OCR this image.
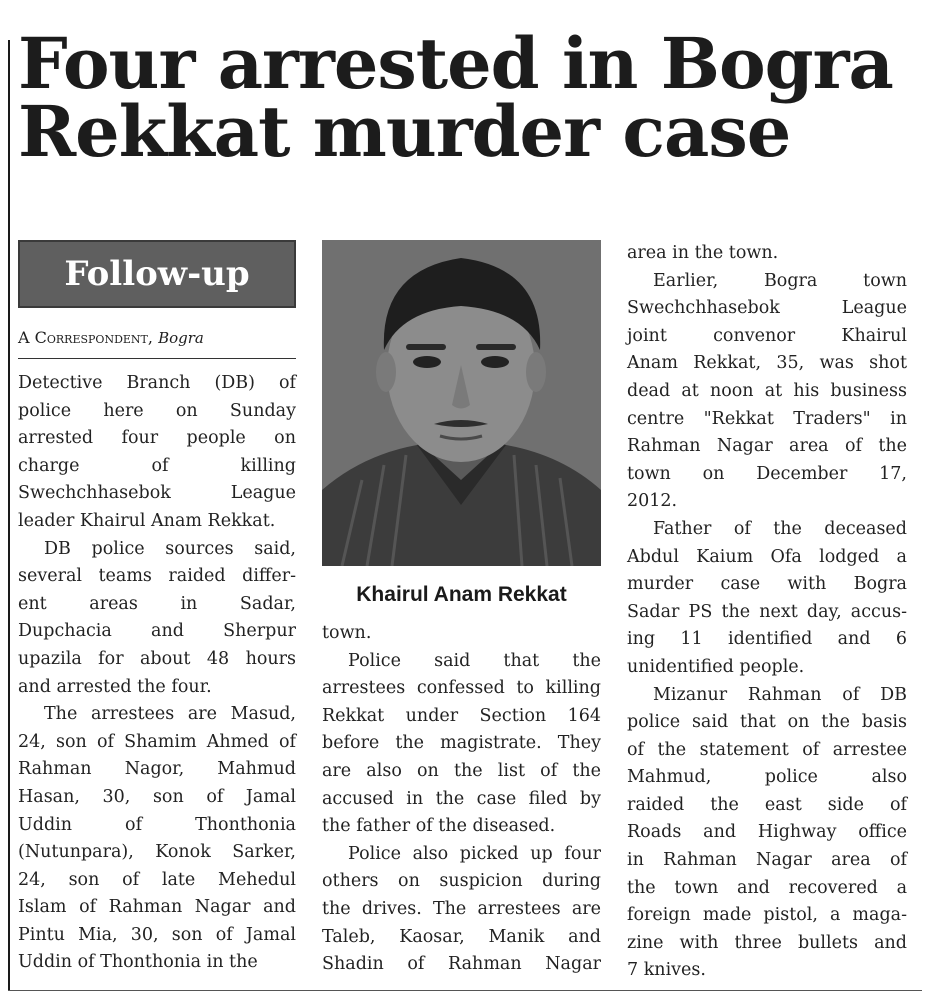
Four arrested in Bogra
Rekkat murder case
Follow-up
A Correspondent, Bogra
Detective Branch (DB) of
police here on Sunday
arrested four people on
charge of killing
Swechchhasebok League
leader Khairul Anam Rekkat.
DB police sources said,
several teams raided differ-
ent areas in Sadar,
Dupchacia and Sherpur
upazila for about 48 hours
and arrested the four.
The arrestees are Masud,
24, son of Shamim Ahmed of
Rahman Nagor, Mahmud
Hasan, 30, son of Jamal
Uddin of Thonthonia
(Nutunpara), Konok Sarker,
24, son of late Mehedul
Islam of Rahman Nagar and
Pintu Mia, 30, son of Jamal
Uddin of Thonthonia in the
Khairul Anam Rekkat
town.
Police said that the
arrestees confessed to killing
Rekkat under Section 164
before the magistrate. They
are also on the list of the
accused in the case filed by
the father of the diseased.
Police also picked up four
others on suspicion during
the drives. The arrestees are
Taleb, Kaosar, Manik and
Shadin of Rahman Nagar
area in the town.
Earlier, Bogra town
Swechchhasebok League
joint convenor Khairul
Anam Rekkat, 35, was shot
dead at noon at his business
centre "Rekkat Traders" in
Rahman Nagar area of the
town on December 17,
2012.
Father of the deceased
Abdul Kaium Ofa lodged a
murder case with Bogra
Sadar PS the next day, accus-
ing 11 identified and 6
unidentified people.
Mizanur Rahman of DB
police said that on the basis
of the statement of arrestee
Mahmud, police also
raided the east side of
Roads and Highway office
in Rahman Nagar area of
the town and recovered a
foreign made pistol, a maga-
zine with three bullets and
7 knives.
